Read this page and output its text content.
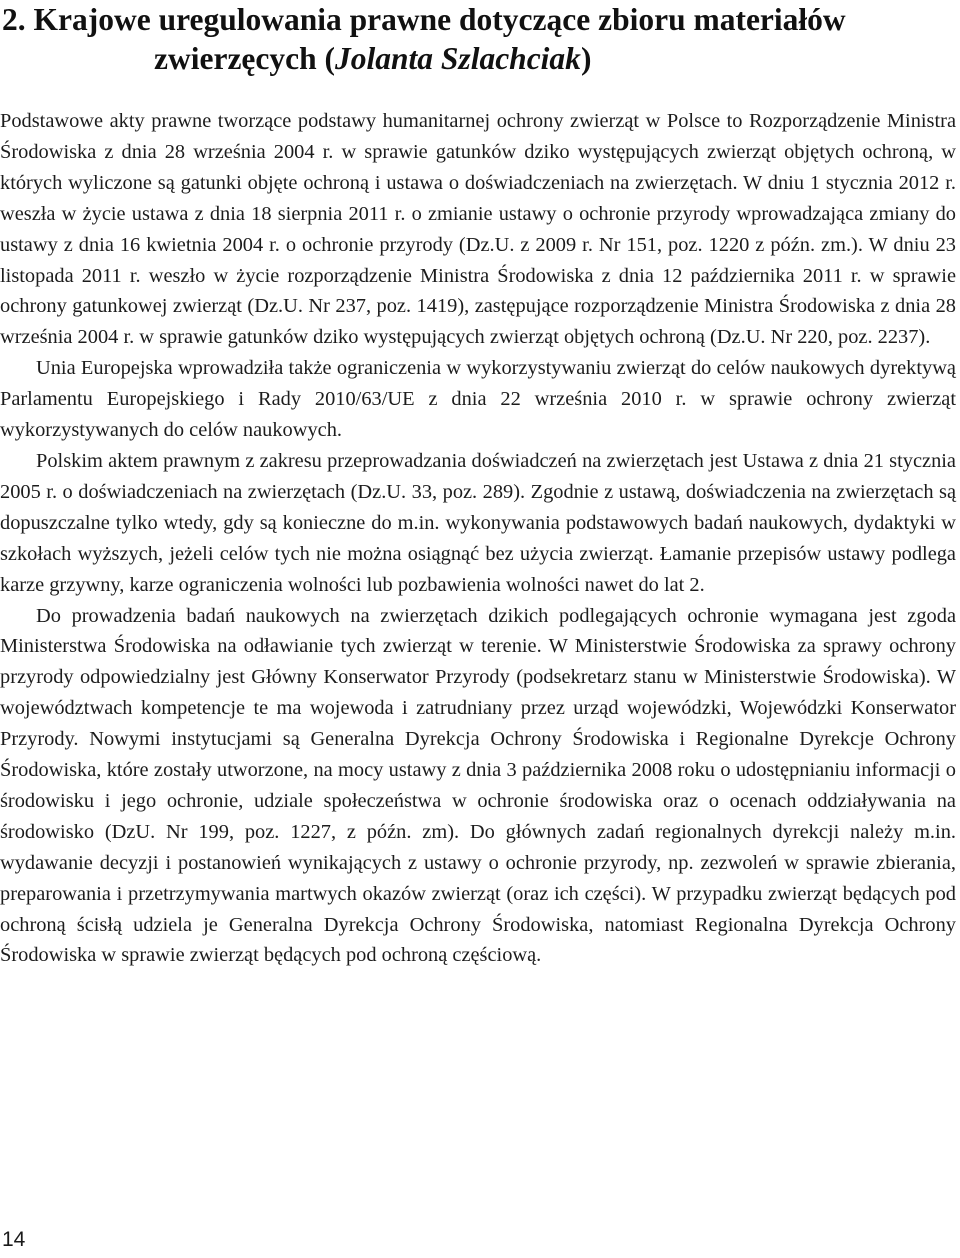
2. Krajowe uregulowania prawne dotyczące zbioru materiałów
zwierzęcych (Jolanta Szlachciak)

Podstawowe akty prawne tworzące podstawy humanitarnej ochrony zwierząt w Polsce to Rozporządzenie Ministra Środowiska z dnia 28 września 2004 r. w sprawie gatunków dziko występujących zwierząt objętych ochroną, w których wyliczone są gatunki objęte ochroną i ustawa o doświadczeniach na zwierzętach. W dniu 1 stycznia 2012 r. weszła w życie ustawa z dnia 18 sierpnia 2011 r. o zmianie ustawy o ochronie przyrody wprowadzająca zmiany do ustawy z dnia 16 kwietnia 2004 r. o ochronie przyrody (Dz.U. z 2009 r. Nr 151, poz. 1220 z późn. zm.). W dniu 23 listopada 2011 r. weszło w życie rozporządzenie Ministra Środowiska z dnia 12 października 2011 r. w sprawie ochrony gatunkowej zwierząt (Dz.U. Nr 237, poz. 1419), zastępujące rozporządzenie Ministra Środowiska z dnia 28 września 2004 r. w sprawie gatunków dziko występujących zwierząt objętych ochroną (Dz.U. Nr 220, poz. 2237).

Unia Europejska wprowadziła także ograniczenia w wykorzystywaniu zwierząt do celów naukowych dyrektywą Parlamentu Europejskiego i Rady 2010/63/UE z dnia 22 września 2010 r. w sprawie ochrony zwierząt wykorzystywanych do celów naukowych.

Polskim aktem prawnym z zakresu przeprowadzania doświadczeń na zwierzętach jest Ustawa z dnia 21 stycznia 2005 r. o doświadczeniach na zwierzętach (Dz.U. 33, poz. 289). Zgodnie z ustawą, doświadczenia na zwierzętach są dopuszczalne tylko wtedy, gdy są konieczne do m.in. wykonywania podstawowych badań naukowych, dydaktyki w szkołach wyższych, jeżeli celów tych nie można osiągnąć bez użycia zwierząt. Łamanie przepisów ustawy podlega karze grzywny, karze ograniczenia wolności lub pozbawienia wolności nawet do lat 2.

Do prowadzenia badań naukowych na zwierzętach dzikich podlegających ochronie wymagana jest zgoda Ministerstwa Środowiska na odławianie tych zwierząt w terenie. W Ministerstwie Środowiska za sprawy ochrony przyrody odpowiedzialny jest Główny Konserwator Przyrody (podsekretarz stanu w Ministerstwie Środowiska). W województwach kompetencje te ma wojewoda i zatrudniany przez urząd wojewódzki, Wojewódzki Konserwator Przyrody. Nowymi instytucjami są Generalna Dyrekcja Ochrony Środowiska i Regionalne Dyrekcje Ochrony Środowiska, które zostały utworzone, na mocy ustawy z dnia 3 października 2008 roku o udostępnianiu informacji o środowisku i jego ochronie, udziale społeczeństwa w ochronie środowiska oraz o ocenach oddziaływania na środowisko (DzU. Nr 199, poz. 1227, z późn. zm). Do głównych zadań regionalnych dyrekcji należy m.in. wydawanie decyzji i postanowień wynikających z ustawy o ochronie przyrody, np. zezwoleń w sprawie zbierania, preparowania i przetrzymywania martwych okazów zwierząt (oraz ich części). W przypadku zwierząt będących pod ochroną ścisłą udziela je Generalna Dyrekcja Ochrony Środowiska, natomiast Regionalna Dyrekcja Ochrony Środowiska w sprawie zwierząt będących pod ochroną częściową.

14
